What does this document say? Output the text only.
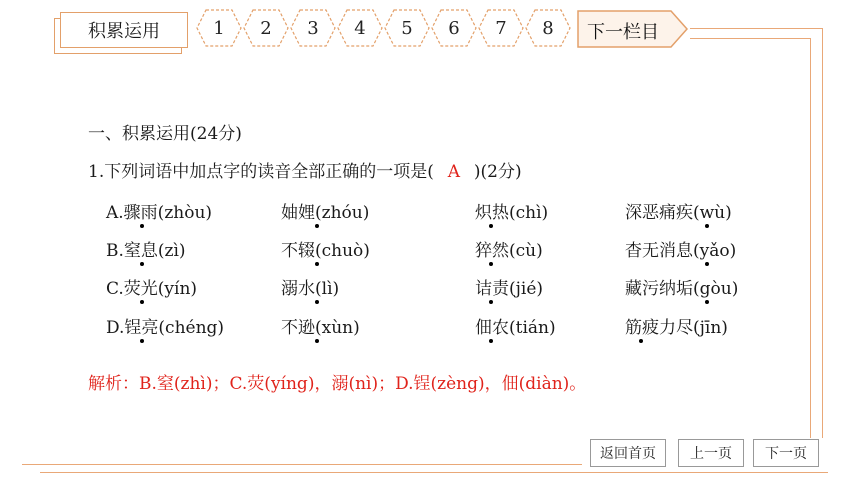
积累运用	1 2 3 4 5 6 7 8 下一栏目
一、积累运用(24分)
1.下列词语中加点字的读音全部正确的一项是( A )(2分)
A.骤雨(zhòu)	妯娌(zhóu)	炽热(chì)	深恶痛疾(wù)
B.窒息(zì)	不辍(chuò)	猝然(cù)	杳无消息(yǎo)
C.荧光(yín)	溺水(lì)	诘责(jié)	藏污纳垢(gòu)
D.锃亮(chéng)	不逊(xùn)	佃农(tián)	筋疲力尽(jīn)
解析：B.窒(zhì)；C.荧(yíng)，溺(nì)；D.锃(zèng)，佃(diàn)。
返回首页 上一页 下一页
